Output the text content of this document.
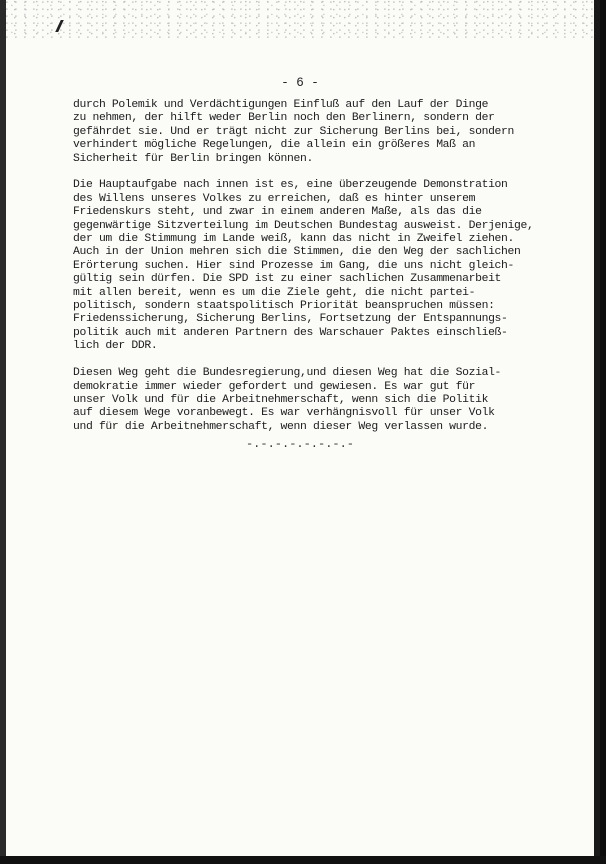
- 6 -
durch Polemik und Verdächtigungen Einfluß auf den Lauf der Dinge
zu nehmen, der hilft weder Berlin noch den Berlinern, sondern der
gefährdet sie. Und er trägt nicht zur Sicherung Berlins bei, sondern
verhindert mögliche Regelungen, die allein ein größeres Maß an
Sicherheit für Berlin bringen können.
Die Hauptaufgabe nach innen ist es, eine überzeugende Demonstration
des Willens unseres Volkes zu erreichen, daß es hinter unserem
Friedenskurs steht, und zwar in einem anderen Maße, als das die
gegenwärtige Sitzverteilung im Deutschen Bundestag ausweist. Derjenige,
der um die Stimmung im Lande weiß, kann das nicht in Zweifel ziehen.
Auch in der Union mehren sich die Stimmen, die den Weg der sachlichen
Erörterung suchen. Hier sind Prozesse im Gang, die uns nicht gleich-
gültig sein dürfen. Die SPD ist zu einer sachlichen Zusammenarbeit
mit allen bereit, wenn es um die Ziele geht, die nicht partei-
politisch, sondern staatspolitisch Priorität beanspruchen müssen:
Friedenssicherung, Sicherung Berlins, Fortsetzung der Entspannungs-
politik auch mit anderen Partnern des Warschauer Paktes einschließ-
lich der DDR.
Diesen Weg geht die Bundesregierung,und diesen Weg hat die Sozial-
demokratie immer wieder gefordert und gewiesen. Es war gut für
unser Volk und für die Arbeitnehmerschaft, wenn sich die Politik
auf diesem Wege voranbewegt. Es war verhängnisvoll für unser Volk
und für die Arbeitnehmerschaft, wenn dieser Weg verlassen wurde.
-.-.-.-.-.-.-.-
